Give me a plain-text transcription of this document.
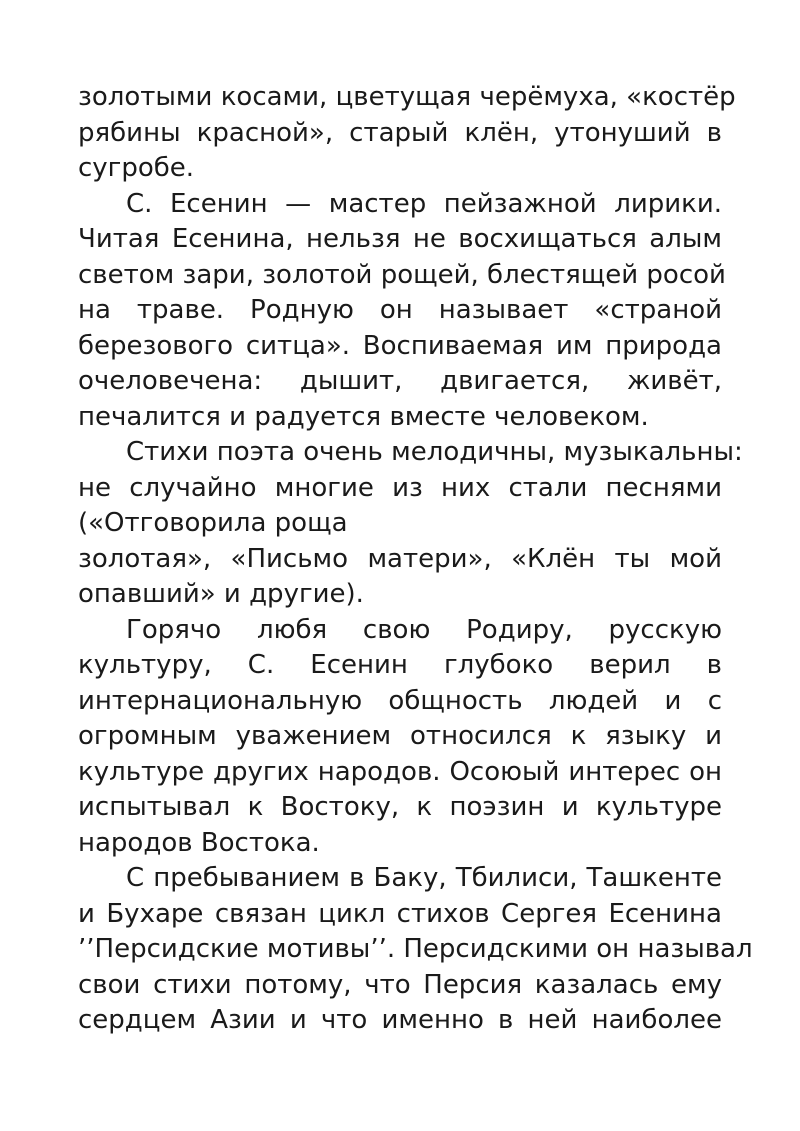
золотыми косами, цветущая черёмуха, «костёр
рябины красной», старый клён, утонуший в
сугробе.
С. Есенин — мастер пейзажной лирики.
Читая Есенина, нельзя не восхищаться алым
светом зари, золотой рощей, блестящей росой
на траве. Родную он называет «страной
березового ситца». Воспиваемая им природа
очеловечена: дышит, двигается, живёт,
печалится и радуется вместе человеком.
Стихи поэта очень мелодичны, музыкальны:
не случайно многие из них стали песнями
(«Отговорила роща
золотая», «Письмо матери», «Клён ты мой
опавший» и другие).
Горячо любя свою Родиру, русскую
культуру, С. Есенин глубоко верил в
интернациональную общность людей и с
огромным уважением относился к языку и
культуре других народов. Осоюый интерес он
испытывал к Востоку, к поэзин и культуре
народов Востока.
С пребыванием в Баку, Тбилиси, Ташкенте
и Бухаре связан цикл стихов Сергея Есенина
’’Персидские мотивы’’. Персидскими он называл
свои стихи потому, что Персия казалась ему
сердцем Азии и что именно в ней наиболее
